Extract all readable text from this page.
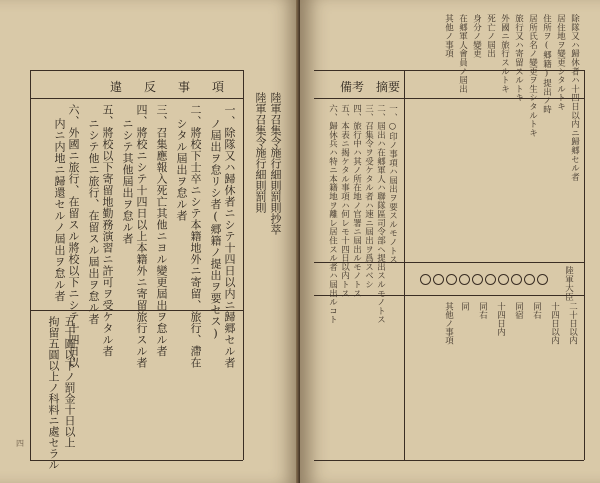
陸軍召集令施行細則罰則抄萃
陸軍召集令施行細則罰則
違反事項
一、除隊又ハ歸休者ニシテ十四日以内ニ歸郷セル者
ノ屆出ヲ怠リシ者(郷籍ノ提出ヲ要セス)
二、將校下士卒ニシテ本籍地外ニ寄留、旅行、滯在
シタル屆出ヲ怠ル者
三、召集應報入死亡其他ニヨル變更屆出ヲ怠ル者
四、將校ニシテ十四日以上本籍外ニ寄留旅行スル者
ニシテ其他屆出ヲ怠ル者
五、將校以下寄留地勤務演習ニ許可ヲ受ケタル者
ニシテ他ニ旅行、在留スル屆出ヲ怠ル者
六、外國ニ旅行、在留スル將校以下ニシテ十四日以
内ニ内地ニ歸還セルノ屆出ヲ怠ル者
五十圓以下ノ罰金十日以上
拘留五圓以上ノ科料ニ處セラル
四
備考 摘要
一、○印ノ事項ハ屆出ヲ要スルモノトス
二、屆出ハ在郷軍人ハ聯隊區司令部ヘ提出スルモノトス
三、召集令ヲ受ケタル者ハ速ニ屆出ヲ爲スベシ
四、旅行中ハ其ノ所在地ノ官署ニ屆出ルモノトス
五、本表ニ揭ケタル事項ハ何レモ十四日以内トス
六、歸休兵ハ特ニ本籍地ヲ離レ居住スル者ハ屆出ルコト
除隊又ハ歸休者ハ十四日以内ニ歸郷セル者
居住地ヲ變更シタルトキ
住所ヲ(郷籍)提出ノ時
居所氏名ノ變更ヲ生シタルトキ
旅行又ハ寄留スルトキ
外國ニ旅行スルトキ
死亡ノ屆出
身分ノ變更
在郷軍人會員ノ屆出
其他ノ事項
陸軍大臣
二十日以内
十四日以内
同右
同宿
十四日内
同右
同
其他ノ事項
